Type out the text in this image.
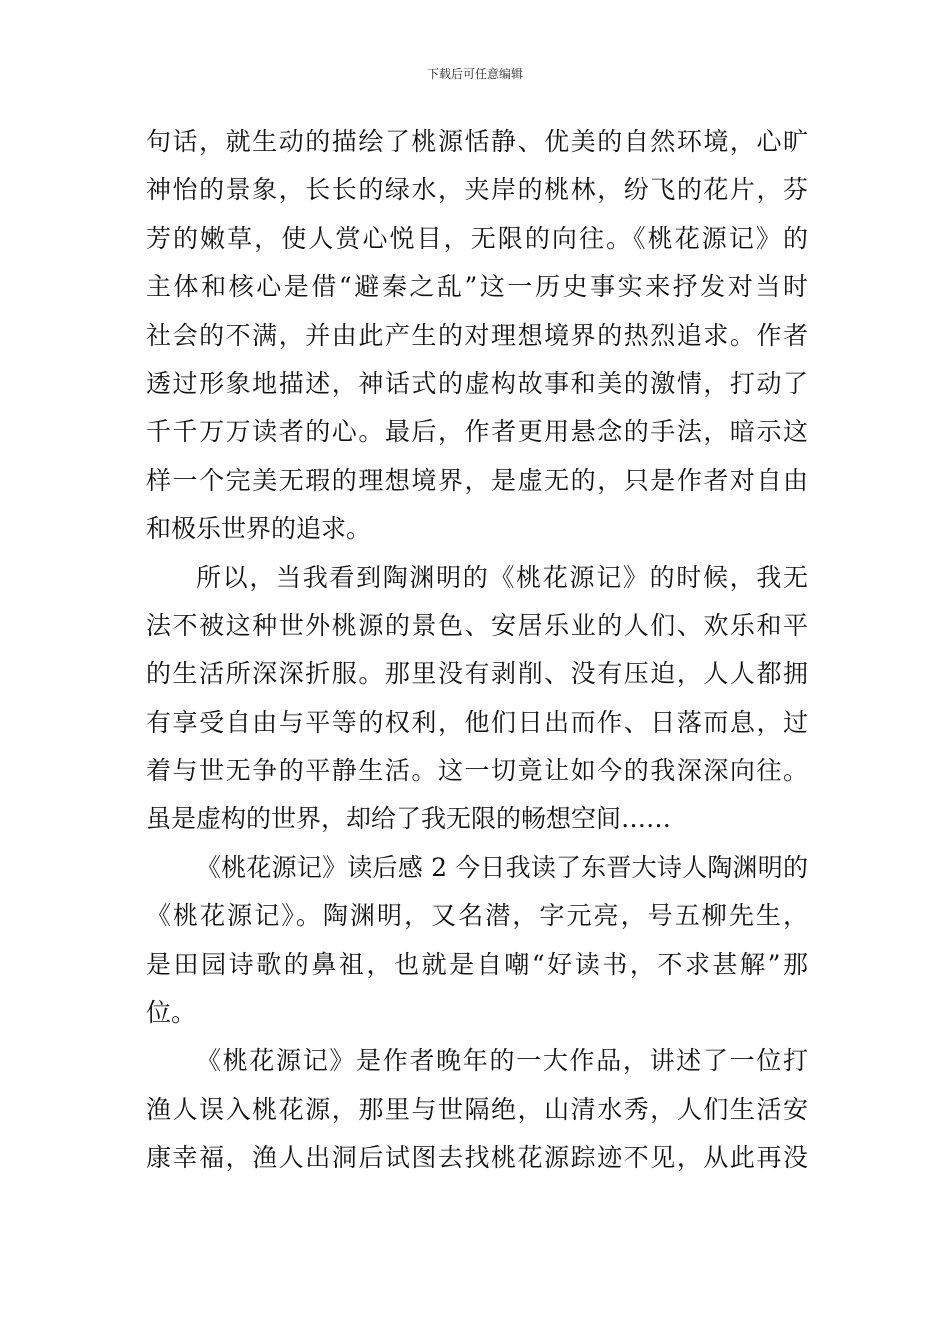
下载后可任意编辑
句话，就生动的描绘了桃源恬静、优美的自然环境，心旷
神怡的景象，长长的绿水，夹岸的桃林，纷飞的花片，芬
芳的嫩草，使人赏心悦目，无限的向往。《桃花源记》的
主体和核心是借“避秦之乱”这一历史事实来抒发对当时
社会的不满，并由此产生的对理想境界的热烈追求。作者
透过形象地描述，神话式的虚构故事和美的激情，打动了
千千万万读者的心。最后，作者更用悬念的手法，暗示这
样一个完美无瑕的理想境界，是虚无的，只是作者对自由
和极乐世界的追求。
所以，当我看到陶渊明的《桃花源记》的时候，我无
法不被这种世外桃源的景色、安居乐业的人们、欢乐和平
的生活所深深折服。那里没有剥削、没有压迫，人人都拥
有享受自由与平等的权利，他们日出而作、日落而息，过
着与世无争的平静生活。这一切竟让如今的我深深向往。
虽是虚构的世界，却给了我无限的畅想空间……
《桃花源记》读后感 2 今日我读了东晋大诗人陶渊明的
《桃花源记》。陶渊明，又名潜，字元亮，号五柳先生，
是田园诗歌的鼻祖，也就是自嘲“好读书，不求甚解”那
位。
《桃花源记》是作者晚年的一大作品，讲述了一位打
渔人误入桃花源，那里与世隔绝，山清水秀，人们生活安
康幸福，渔人出洞后试图去找桃花源踪迹不见，从此再没
